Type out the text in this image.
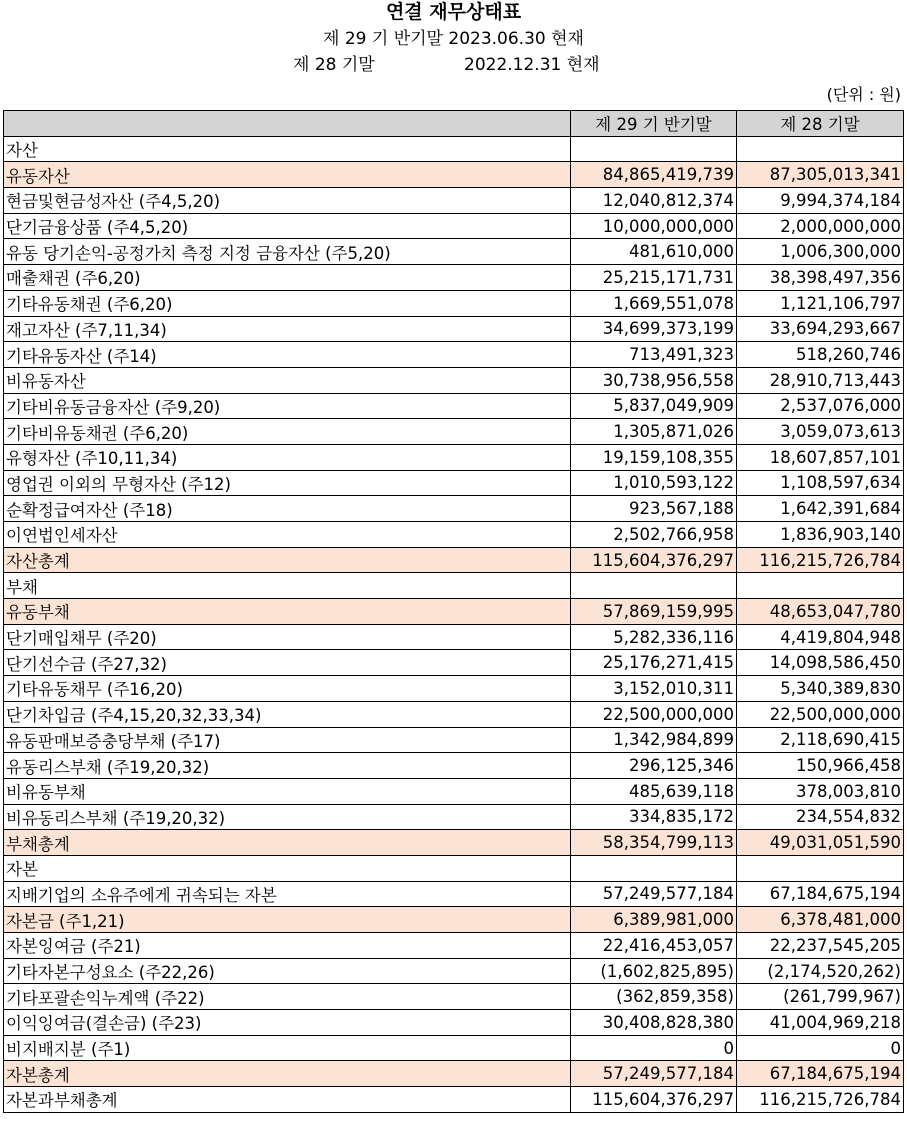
연결 재무상태표
제 29 기 반기말 2023.06.30 현재
제 28 기말	2022.12.31 현재
(단위 : 원)
	제 29 기 반기말	제 28 기말
자산		
유동자산	84,865,419,739	87,305,013,341
현금및현금성자산 (주4,5,20)	12,040,812,374	9,994,374,184
단기금융상품 (주4,5,20)	10,000,000,000	2,000,000,000
유동 당기손익-공정가치 측정 지정 금융자산 (주5,20)	481,610,000	1,006,300,000
매출채권 (주6,20)	25,215,171,731	38,398,497,356
기타유동채권 (주6,20)	1,669,551,078	1,121,106,797
재고자산 (주7,11,34)	34,699,373,199	33,694,293,667
기타유동자산 (주14)	713,491,323	518,260,746
비유동자산	30,738,956,558	28,910,713,443
기타비유동금융자산 (주9,20)	5,837,049,909	2,537,076,000
기타비유동채권 (주6,20)	1,305,871,026	3,059,073,613
유형자산 (주10,11,34)	19,159,108,355	18,607,857,101
영업권 이외의 무형자산 (주12)	1,010,593,122	1,108,597,634
순확정급여자산 (주18)	923,567,188	1,642,391,684
이연법인세자산	2,502,766,958	1,836,903,140
자산총계	115,604,376,297	116,215,726,784
부채		
유동부채	57,869,159,995	48,653,047,780
단기매입채무 (주20)	5,282,336,116	4,419,804,948
단기선수금 (주27,32)	25,176,271,415	14,098,586,450
기타유동채무 (주16,20)	3,152,010,311	5,340,389,830
단기차입금 (주4,15,20,32,33,34)	22,500,000,000	22,500,000,000
유동판매보증충당부채 (주17)	1,342,984,899	2,118,690,415
유동리스부채 (주19,20,32)	296,125,346	150,966,458
비유동부채	485,639,118	378,003,810
비유동리스부채 (주19,20,32)	334,835,172	234,554,832
부채총계	58,354,799,113	49,031,051,590
자본		
지배기업의 소유주에게 귀속되는 자본	57,249,577,184	67,184,675,194
자본금 (주1,21)	6,389,981,000	6,378,481,000
자본잉여금 (주21)	22,416,453,057	22,237,545,205
기타자본구성요소 (주22,26)	(1,602,825,895)	(2,174,520,262)
기타포괄손익누계액 (주22)	(362,859,358)	(261,799,967)
이익잉여금(결손금) (주23)	30,408,828,380	41,004,969,218
비지배지분 (주1)	0	0
자본총계	57,249,577,184	67,184,675,194
자본과부채총계	115,604,376,297	116,215,726,784
